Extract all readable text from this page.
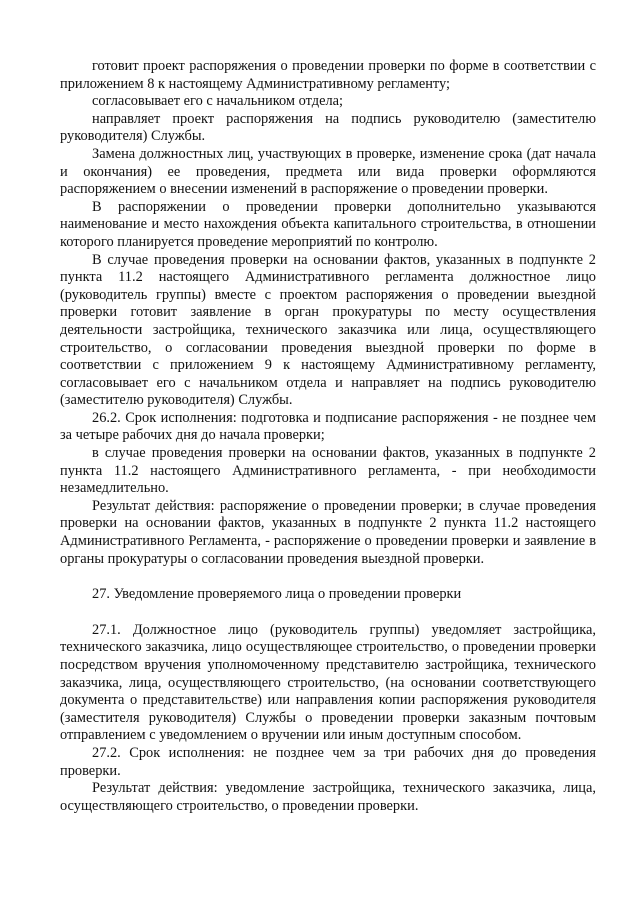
готовит проект распоряжения о проведении проверки по форме в соответствии с приложением 8 к настоящему Административному регламенту;

согласовывает его с начальником отдела;

направляет проект распоряжения на подпись руководителю (заместителю руководителя) Службы.

Замена должностных лиц, участвующих в проверке, изменение срока (дат начала и окончания) ее проведения, предмета или вида проверки оформляются распоряжением о внесении изменений в распоряжение о проведении проверки.

В распоряжении о проведении проверки дополнительно указываются наименование и место нахождения объекта капитального строительства, в отношении которого планируется проведение мероприятий по контролю.

В случае проведения проверки на основании фактов, указанных в подпункте 2 пункта 11.2 настоящего Административного регламента должностное лицо (руководитель группы) вместе с проектом распоряжения о проведении выездной проверки готовит заявление в орган прокуратуры по месту осуществления деятельности застройщика, технического заказчика или лица, осуществляющего строительство, о согласовании проведения выездной проверки по форме в соответствии с приложением 9 к настоящему Административному регламенту, согласовывает его с начальником отдела и направляет на подпись руководителю (заместителю руководителя) Службы.

26.2. Срок исполнения: подготовка и подписание распоряжения - не позднее чем за четыре рабочих дня до начала проверки;

в случае проведения проверки на основании фактов, указанных в подпункте 2 пункта 11.2 настоящего Административного регламента, - при необходимости незамедлительно.

Результат действия: распоряжение о проведении проверки; в случае проведения проверки на основании фактов, указанных в подпункте 2 пункта 11.2 настоящего Административного Регламента, - распоряжение о проведении проверки и заявление в органы прокуратуры о согласовании проведения выездной проверки.

27. Уведомление проверяемого лица о проведении проверки

27.1. Должностное лицо (руководитель группы) уведомляет застройщика, технического заказчика, лицо осуществляющее строительство, о проведении проверки посредством вручения уполномоченному представителю застройщика, технического заказчика, лица, осуществляющего строительство, (на основании соответствующего документа о представительстве) или направления копии распоряжения руководителя (заместителя руководителя) Службы о проведении проверки заказным почтовым отправлением с уведомлением о вручении или иным доступным способом.

27.2. Срок исполнения: не позднее чем за три рабочих дня до проведения проверки.

Результат действия: уведомление застройщика, технического заказчика, лица, осуществляющего строительство, о проведении проверки.
